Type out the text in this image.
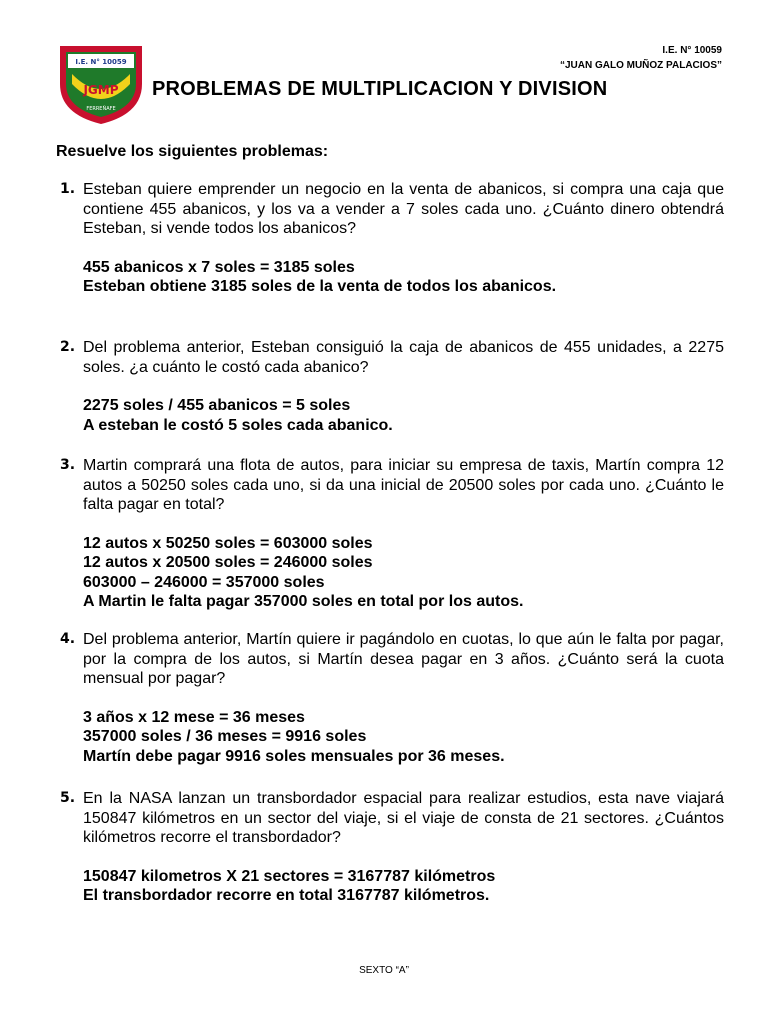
I.E. N° 10059
JGMP
FERREÑAFE
I.E. N° 10059
“JUAN GALO MUÑOZ PALACIOS”
PROBLEMAS DE MULTIPLICACION Y DIVISION
Resuelve los siguientes problemas:
1. Esteban quiere emprender un negocio en la venta de abanicos, si compra una caja que contiene 455 abanicos, y los va a vender a 7 soles cada uno. ¿Cuánto dinero obtendrá Esteban, si vende todos los abanicos?
455 abanicos x 7 soles = 3185 soles
Esteban obtiene 3185 soles de la venta de todos los abanicos.
2. Del problema anterior, Esteban consiguió la caja de abanicos de 455 unidades, a 2275 soles. ¿a cuánto le costó cada abanico?
2275 soles / 455 abanicos = 5 soles
A esteban le costó 5 soles cada abanico.
3. Martin comprará una flota de autos, para iniciar su empresa de taxis, Martín compra 12 autos a 50250 soles cada uno, si da una inicial de 20500 soles por cada uno. ¿Cuánto le falta pagar en total?
12 autos x 50250 soles = 603000 soles
12 autos x 20500 soles = 246000 soles
603000 – 246000 = 357000 soles
A Martin le falta pagar 357000 soles en total por los autos.
4. Del problema anterior, Martín quiere ir pagándolo en cuotas, lo que aún le falta por pagar, por la compra de los autos, si Martín desea pagar en 3 años. ¿Cuánto será la cuota mensual por pagar?
3 años x 12 mese = 36 meses
357000 soles / 36 meses = 9916 soles
Martín debe pagar 9916 soles mensuales por 36 meses.
5. En la NASA lanzan un transbordador espacial para realizar estudios, esta nave viajará 150847 kilómetros en un sector del viaje, si el viaje de consta de 21 sectores. ¿Cuántos kilómetros recorre el transbordador?
150847 kilometros X 21 sectores = 3167787 kilómetros
El transbordador recorre en total 3167787 kilómetros.
SEXTO “A”
